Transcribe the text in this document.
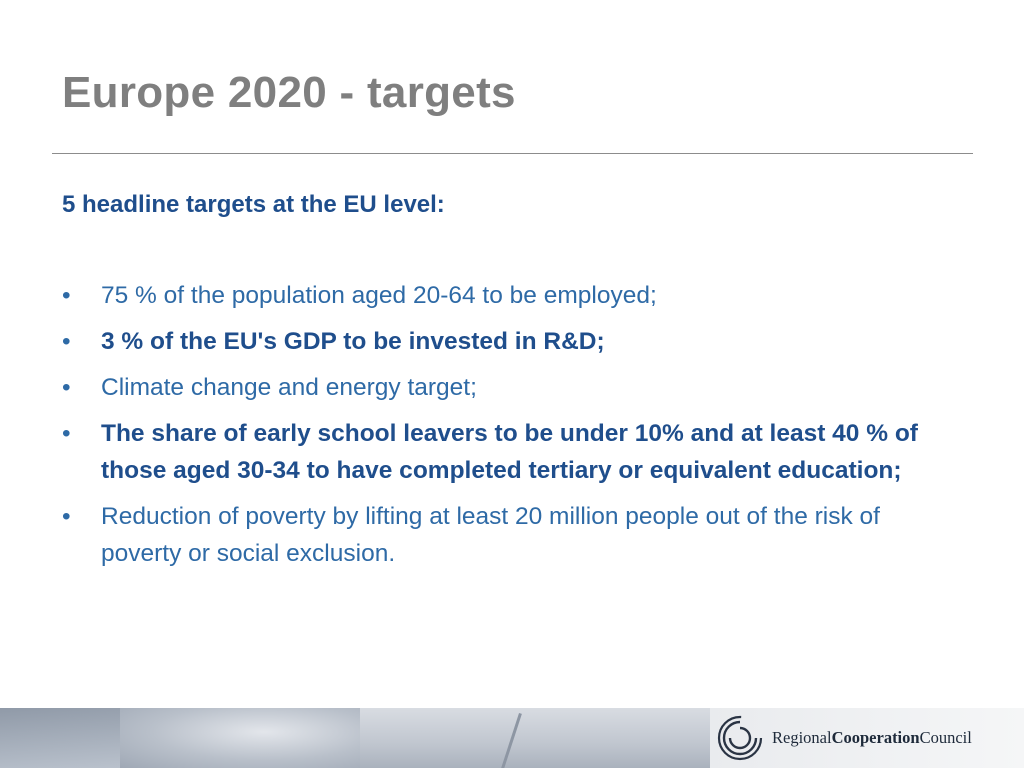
Europe 2020 - targets
5 headline targets at the EU level:
• 75 % of the population aged 20-64 to be employed;
• 3 % of the EU's GDP to be invested in R&D;
• Climate change and energy target;
• The share of early school leavers to be under 10% and at least 40 % of those aged 30-34 to have completed tertiary or equivalent education;
• Reduction of poverty by lifting at least 20 million people out of the risk of poverty or social exclusion.
RegionalCooperationCouncil
